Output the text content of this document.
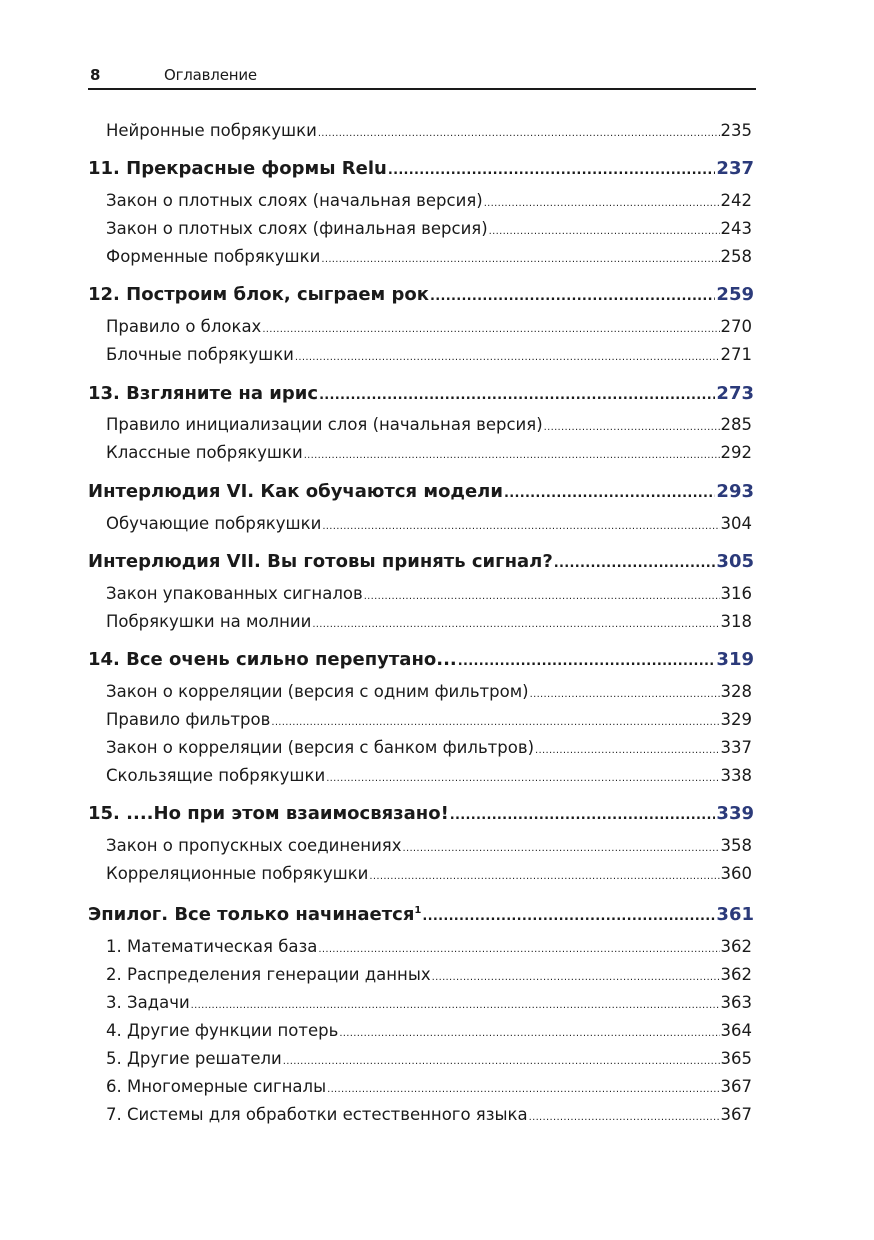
8	Оглавление
Нейронные побрякушки .....	235
11. Прекрасные формы Relu .....	237
Закон о плотных слоях (начальная версия) .....	242
Закон о плотных слоях (финальная версия) .....	243
Форменные побрякушки .....	258
12. Построим блок, сыграем рок .....	259
Правило о блоках .....	270
Блочные побрякушки .....	271
13. Взгляните на ирис .....	273
Правило инициализации слоя (начальная версия) .....	285
Классные побрякушки .....	292
Интерлюдия VI. Как обучаются модели .....	293
Обучающие побрякушки .....	304
Интерлюдия VII. Вы готовы принять сигнал? .....	305
Закон упакованных сигналов .....	316
Побрякушки на молнии .....	318
14. Все очень сильно перепутано... .....	319
Закон о корреляции (версия с одним фильтром) .....	328
Правило фильтров .....	329
Закон о корреляции (версия с банком фильтров) .....	337
Скользящие побрякушки .....	338
15. ....Но при этом взаимосвязано! .....	339
Закон о пропускных соединениях .....	358
Корреляционные побрякушки .....	360
Эпилог. Все только начинается$^1$ .....	361
1. Математическая база .....	362
2. Распределения генерации данных .....	362
3. Задачи .....	363
4. Другие функции потерь .....	364
5. Другие решатели .....	365
6. Многомерные сигналы .....	367
7. Системы для обработки естественного языка .....	367
